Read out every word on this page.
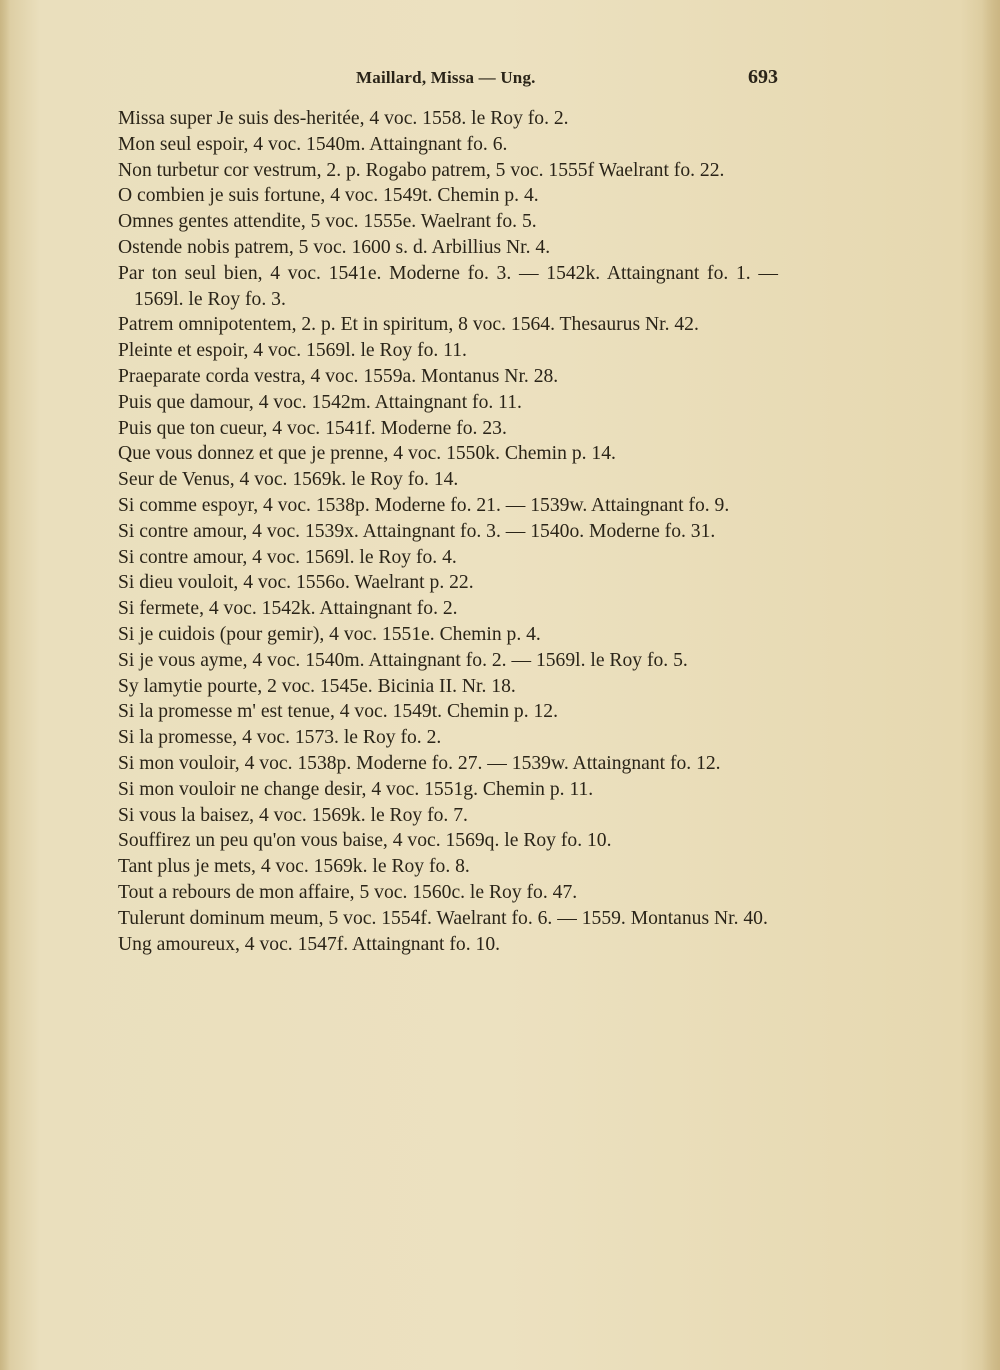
Maillard, Missa — Ung.	693
Missa super Je suis des-heritée, 4 voc. 1558. le Roy fo. 2.
Mon seul espoir, 4 voc. 1540m. Attaingnant fo. 6.
Non turbetur cor vestrum, 2. p. Rogabo patrem, 5 voc. 1555f Waelrant fo. 22.
O combien je suis fortune, 4 voc. 1549t. Chemin p. 4.
Omnes gentes attendite, 5 voc. 1555e. Waelrant fo. 5.
Ostende nobis patrem, 5 voc. 1600 s. d. Arbillius Nr. 4.
Par ton seul bien, 4 voc. 1541e. Moderne fo. 3. — 1542k. Attaingnant fo. 1. — 1569l. le Roy fo. 3.
Patrem omnipotentem, 2. p. Et in spiritum, 8 voc. 1564. Thesaurus Nr. 42.
Pleinte et espoir, 4 voc. 1569l. le Roy fo. 11.
Praeparate corda vestra, 4 voc. 1559a. Montanus Nr. 28.
Puis que damour, 4 voc. 1542m. Attaingnant fo. 11.
Puis que ton cueur, 4 voc. 1541f. Moderne fo. 23.
Que vous donnez et que je prenne, 4 voc. 1550k. Chemin p. 14.
Seur de Venus, 4 voc. 1569k. le Roy fo. 14.
Si comme espoyr, 4 voc. 1538p. Moderne fo. 21. — 1539w. Attaingnant fo. 9.
Si contre amour, 4 voc. 1539x. Attaingnant fo. 3. — 1540o. Moderne fo. 31.
Si contre amour, 4 voc. 1569l. le Roy fo. 4.
Si dieu vouloit, 4 voc. 1556o. Waelrant p. 22.
Si fermete, 4 voc. 1542k. Attaingnant fo. 2.
Si je cuidois (pour gemir), 4 voc. 1551e. Chemin p. 4.
Si je vous ayme, 4 voc. 1540m. Attaingnant fo. 2. — 1569l. le Roy fo. 5.
Sy lamytie pourte, 2 voc. 1545e. Bicinia II. Nr. 18.
Si la promesse m' est tenue, 4 voc. 1549t. Chemin p. 12.
Si la promesse, 4 voc. 1573. le Roy fo. 2.
Si mon vouloir, 4 voc. 1538p. Moderne fo. 27. — 1539w. Attaingnant fo. 12.
Si mon vouloir ne change desir, 4 voc. 1551g. Chemin p. 11.
Si vous la baisez, 4 voc. 1569k. le Roy fo. 7.
Souffirez un peu qu'on vous baise, 4 voc. 1569q. le Roy fo. 10.
Tant plus je mets, 4 voc. 1569k. le Roy fo. 8.
Tout a rebours de mon affaire, 5 voc. 1560c. le Roy fo. 47.
Tulerunt dominum meum, 5 voc. 1554f. Waelrant fo. 6. — 1559. Montanus Nr. 40.
Ung amoureux, 4 voc. 1547f. Attaingnant fo. 10.
